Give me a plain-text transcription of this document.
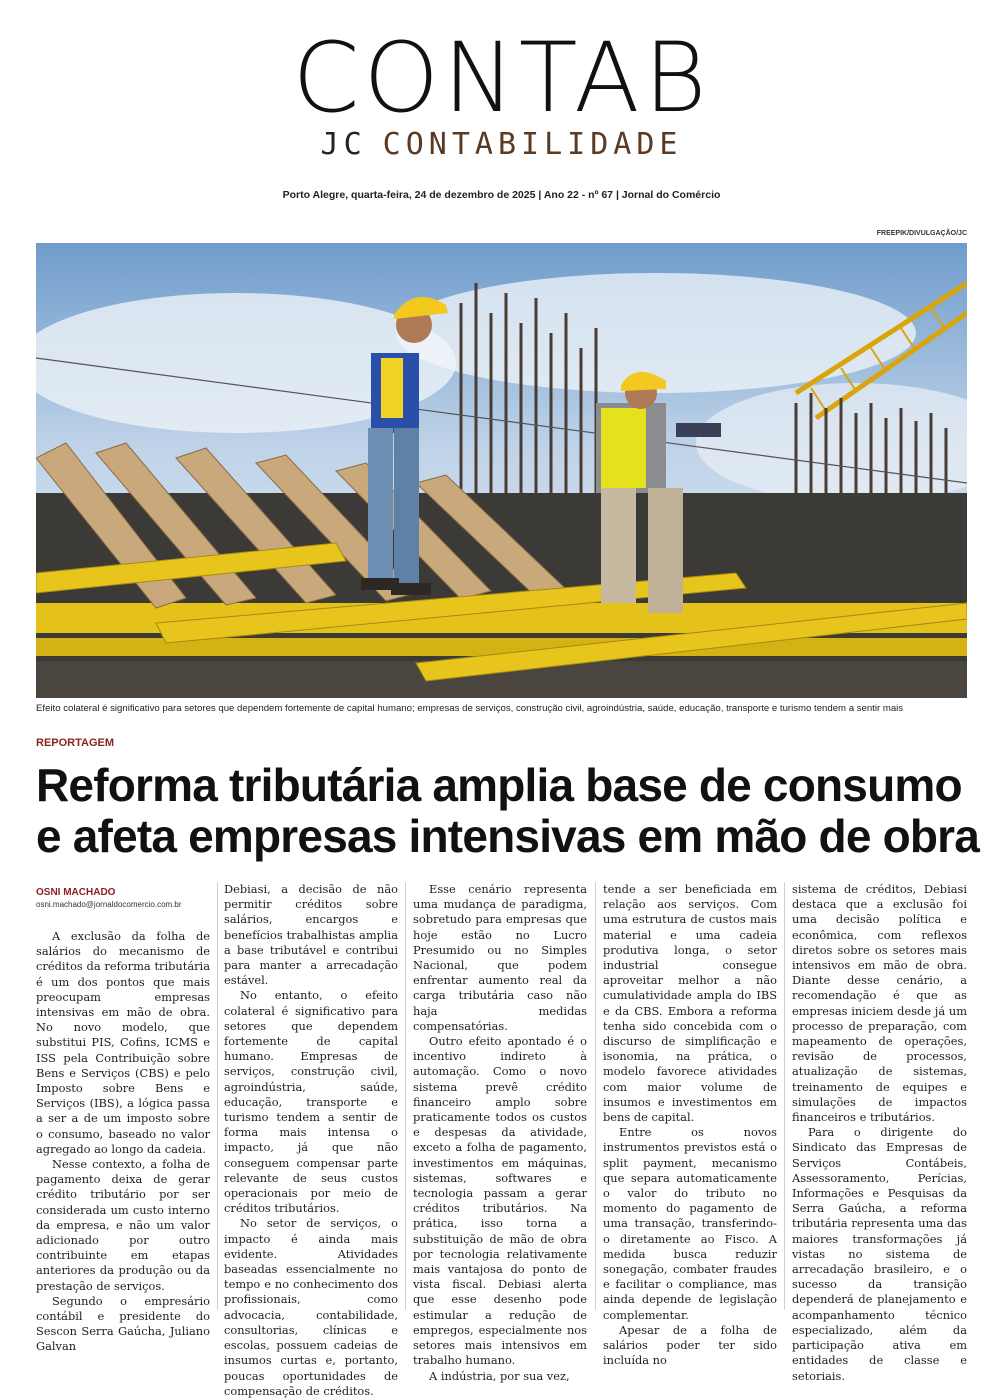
CONTAB
JC CONTABILIDADE
Porto Alegre, quarta-feira, 24 de dezembro de 2025 | Ano 22 - nº 67 | Jornal do Comércio
FREEPIK/DIVULGAÇÃO/JC
Efeito colateral é significativo para setores que dependem fortemente de capital humano; empresas de serviços, construção civil, agroindústria, saúde, educação, transporte e turismo tendem a sentir mais
REPORTAGEM
Reforma tributária amplia base de consumo
e afeta empresas intensivas em mão de obra
OSNI MACHADO
osni.machado@jornaldocomercio.com.br

A exclusão da folha de salários do mecanismo de créditos da reforma tributária é um dos pontos que mais preocupam empresas intensivas em mão de obra. No novo modelo, que substitui PIS, Cofins, ICMS e ISS pela Contribuição sobre Bens e Serviços (CBS) e pelo Imposto sobre Bens e Serviços (IBS), a lógica passa a ser a de um imposto sobre o consumo, baseado no valor agregado ao longo da cadeia.

Nesse contexto, a folha de pagamento deixa de gerar crédito tributário por ser considerada um custo interno da empresa, e não um valor adicionado por outro contribuinte em etapas anteriores da produção ou da prestação de serviços.

Segundo o empresário contábil e presidente do Sescon Serra Gaúcha, Juliano Galvan

Debiasi, a decisão de não permitir créditos sobre salários, encargos e benefícios trabalhistas amplia a base tributável e contribui para manter a arrecadação estável.

No entanto, o efeito colateral é significativo para setores que dependem fortemente de capital humano. Empresas de serviços, construção civil, agroindústria, saúde, educação, transporte e turismo tendem a sentir de forma mais intensa o impacto, já que não conseguem compensar parte relevante de seus custos operacionais por meio de créditos tributários.

No setor de serviços, o impacto é ainda mais evidente. Atividades baseadas essencialmente no tempo e no conhecimento dos profissionais, como advocacia, contabilidade, consultorias, clínicas e escolas, possuem cadeias de insumos curtas e, portanto, poucas oportunidades de compensação de créditos.

Esse cenário representa uma mudança de paradigma, sobretudo para empresas que hoje estão no Lucro Presumido ou no Simples Nacional, que podem enfrentar aumento real da carga tributária caso não haja medidas compensatórias.

Outro efeito apontado é o incentivo indireto à automação. Como o novo sistema prevê crédito financeiro amplo sobre praticamente todos os custos e despesas da atividade, exceto a folha de pagamento, investimentos em máquinas, sistemas, softwares e tecnologia passam a gerar créditos tributários. Na prática, isso torna a substituição de mão de obra por tecnologia relativamente mais vantajosa do ponto de vista fiscal. Debiasi alerta que esse desenho pode estimular a redução de empregos, especialmente nos setores mais intensivos em trabalho humano.

A indústria, por sua vez,

tende a ser beneficiada em relação aos serviços. Com uma estrutura de custos mais material e uma cadeia produtiva longa, o setor industrial consegue aproveitar melhor a não cumulatividade ampla do IBS e da CBS. Embora a reforma tenha sido concebida com o discurso de simplificação e isonomia, na prática, o modelo favorece atividades com maior volume de insumos e investimentos em bens de capital.

Entre os novos instrumentos previstos está o split payment, mecanismo que separa automaticamente o valor do tributo no momento do pagamento de uma transação, transferindo-o diretamente ao Fisco. A medida busca reduzir sonegação, combater fraudes e facilitar o compliance, mas ainda depende de legislação complementar.

Apesar de a folha de salários poder ter sido incluída no

sistema de créditos, Debiasi destaca que a exclusão foi uma decisão política e econômica, com reflexos diretos sobre os setores mais intensivos em mão de obra. Diante desse cenário, a recomendação é que as empresas iniciem desde já um processo de preparação, com mapeamento de operações, revisão de processos, atualização de sistemas, treinamento de equipes e simulações de impactos financeiros e tributários.

Para o dirigente do Sindicato das Empresas de Serviços Contábeis, Assessoramento, Perícias, Informações e Pesquisas da Serra Gaúcha, a reforma tributária representa uma das maiores transformações já vistas no sistema de arrecadação brasileiro, e o sucesso da transição dependerá de planejamento e acompanhamento técnico especializado, além da participação ativa em entidades de classe e setoriais.
